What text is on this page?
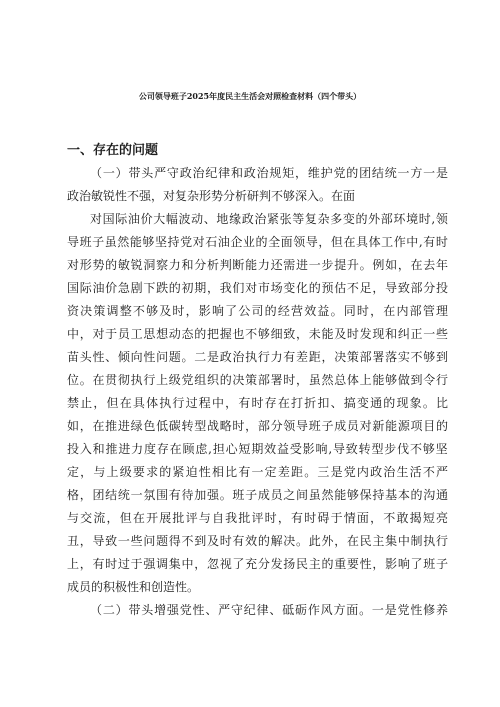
公司领导班子2025年度民主生活会对照检查材料（四个带头）
一、存在的问题
（一）带头严守政治纪律和政治规矩，维护党的团结统一方一是
政治敏锐性不强，对复杂形势分析研判不够深入。在面
对国际油价大幅波动、地缘政治紧张等复杂多变的外部环境时,领
导班子虽然能够坚持党对石油企业的全面领导，但在具体工作中,有时
对形势的敏锐洞察力和分析判断能力还需进一步提升。例如，在去年
国际油价急剧下跌的初期，我们对市场变化的预估不足，导致部分投
资决策调整不够及时，影响了公司的经营效益。同时，在内部管理
中，对于员工思想动态的把握也不够细致，未能及时发现和纠正一些
苗头性、倾向性问题。二是政治执行力有差距，决策部署落实不够到
位。在贯彻执行上级党组织的决策部署时，虽然总体上能够做到令行
禁止，但在具体执行过程中，有时存在打折扣、搞变通的现象。比
如，在推进绿色低碳转型战略时，部分领导班子成员对新能源项目的
投入和推进力度存在顾虑,担心短期效益受影响,导致转型步伐不够坚
定，与上级要求的紧迫性相比有一定差距。三是党内政治生活不严
格，团结统一氛围有待加强。班子成员之间虽然能够保持基本的沟通
与交流，但在开展批评与自我批评时，有时碍于情面，不敢揭短亮
丑，导致一些问题得不到及时有效的解决。此外，在民主集中制执行
上，有时过于强调集中，忽视了充分发扬民主的重要性，影响了班子
成员的积极性和创造性。
（二）带头增强党性、严守纪律、砥砺作风方面。一是党性修养
